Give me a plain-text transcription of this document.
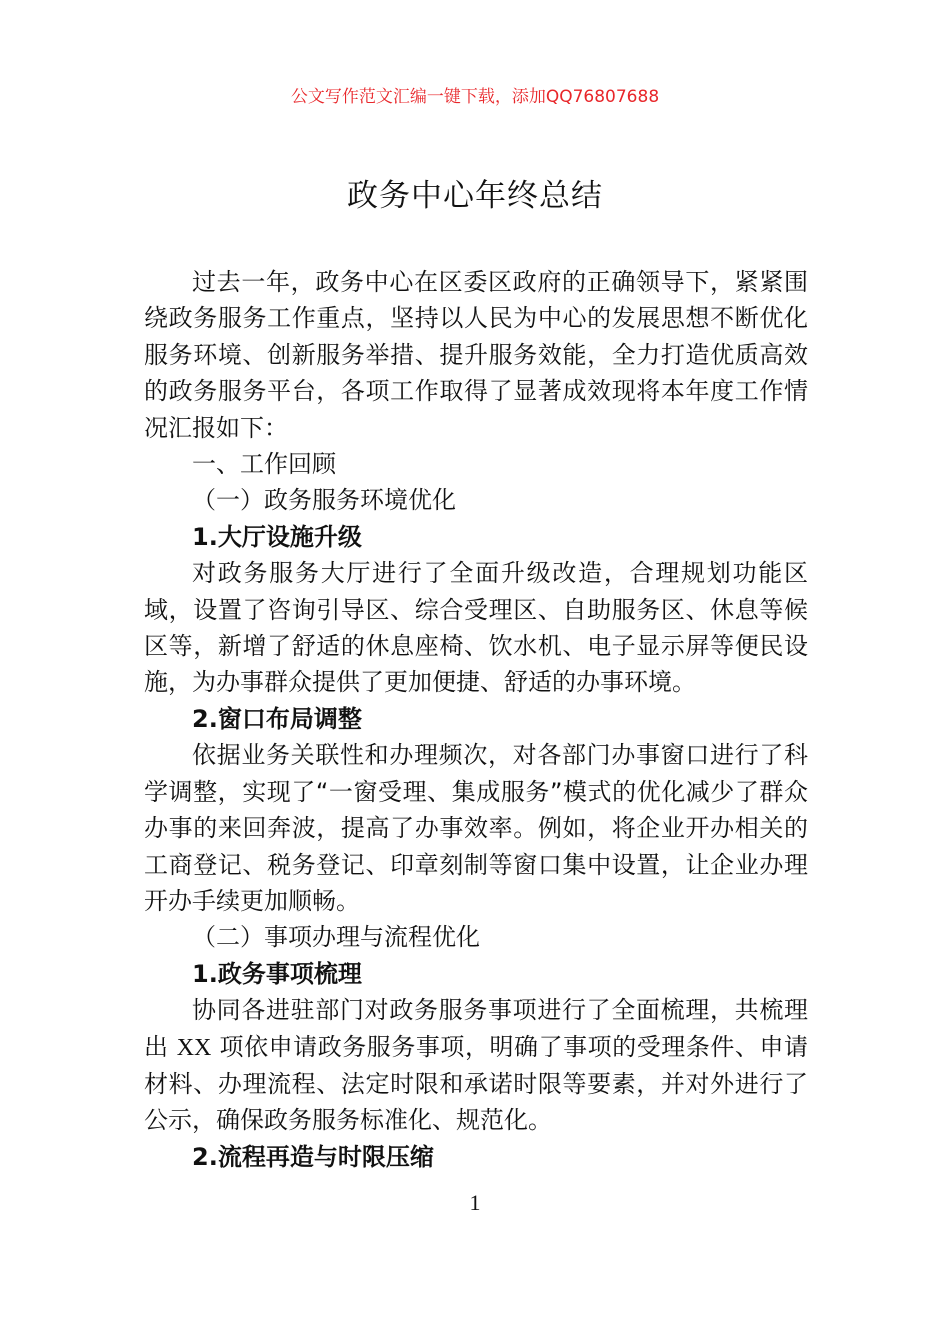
公文写作范文汇编一键下载，添加QQ76807688
政务中心年终总结

过去一年，政务中心在区委区政府的正确领导下，紧紧围绕政务服务工作重点，坚持以人民为中心的发展思想不断优化服务环境、创新服务举措、提升服务效能，全力打造优质高效的政务服务平台，各项工作取得了显著成效现将本年度工作情况汇报如下：

一、工作回顾

（一）政务服务环境优化

1.大厅设施升级

对政务服务大厅进行了全面升级改造，合理规划功能区域，设置了咨询引导区、综合受理区、自助服务区、休息等候区等，新增了舒适的休息座椅、饮水机、电子显示屏等便民设施，为办事群众提供了更加便捷、舒适的办事环境。

2.窗口布局调整

依据业务关联性和办理频次，对各部门办事窗口进行了科学调整，实现了“一窗受理、集成服务”模式的优化减少了群众办事的来回奔波，提高了办事效率。例如，将企业开办相关的工商登记、税务登记、印章刻制等窗口集中设置，让企业办理开办手续更加顺畅。

（二）事项办理与流程优化

1.政务事项梳理

协同各进驻部门对政务服务事项进行了全面梳理，共梳理出 XX 项依申请政务服务事项，明确了事项的受理条件、申请材料、办理流程、法定时限和承诺时限等要素，并对外进行了公示，确保政务服务标准化、规范化。

2.流程再造与时限压缩

1
